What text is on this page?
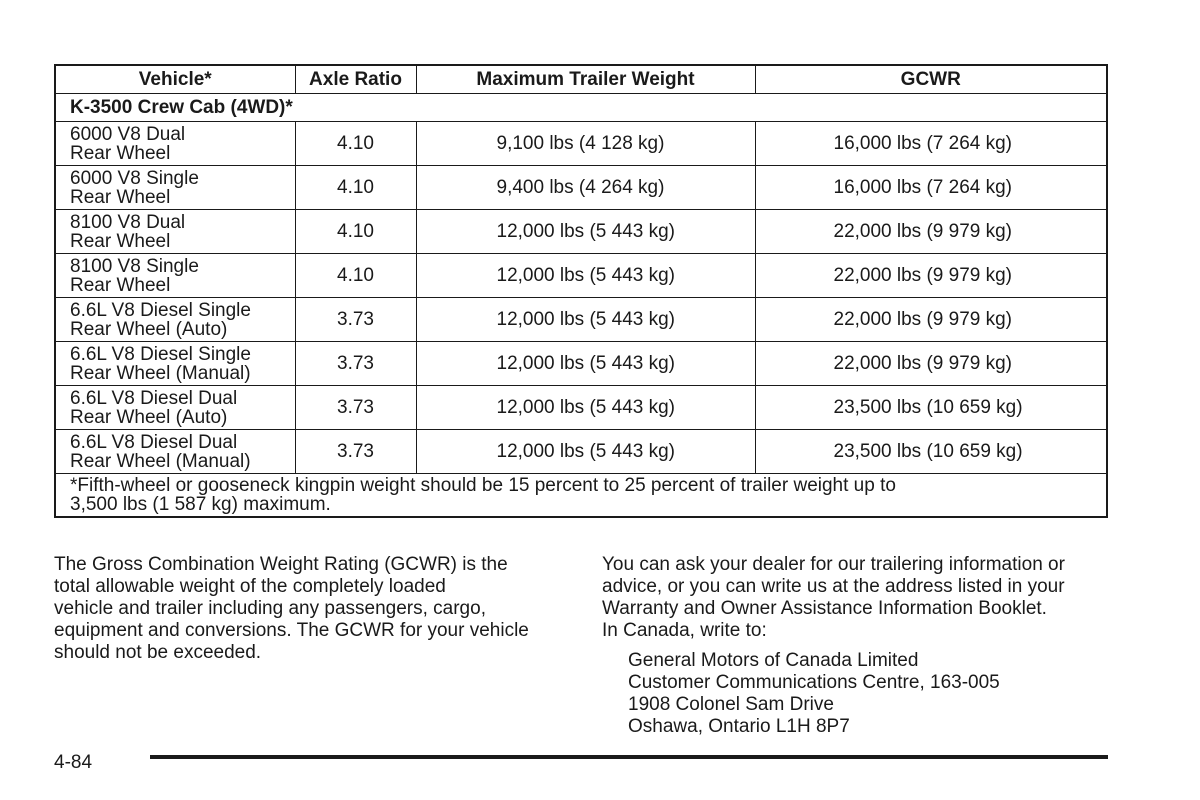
Vehicle*	Axle Ratio	Maximum Trailer Weight	GCWR
K-3500 Crew Cab (4WD)*			

6000 V8 Dual
Rear Wheel	4.10	9,100 lbs (4 128 kg)	16,000 lbs (7 264 kg)

6000 V8 Single
Rear Wheel	4.10	9,400 lbs (4 264 kg)	16,000 lbs (7 264 kg)

8100 V8 Dual
Rear Wheel	4.10	12,000 lbs (5 443 kg)	22,000 lbs (9 979 kg)

8100 V8 Single
Rear Wheel	4.10	12,000 lbs (5 443 kg)	22,000 lbs (9 979 kg)

6.6L V8 Diesel Single
Rear Wheel (Auto)	3.73	12,000 lbs (5 443 kg)	22,000 lbs (9 979 kg)

6.6L V8 Diesel Single
Rear Wheel (Manual)	3.73	12,000 lbs (5 443 kg)	22,000 lbs (9 979 kg)

6.6L V8 Diesel Dual
Rear Wheel (Auto)	3.73	12,000 lbs (5 443 kg)	23,500 lbs (10 659 kg)

6.6L V8 Diesel Dual
Rear Wheel (Manual)	3.73	12,000 lbs (5 443 kg)	23,500 lbs (10 659 kg)

*Fifth-wheel or gooseneck kingpin weight should be 15 percent to 25 percent of trailer weight up to
3,500 lbs (1 587 kg) maximum.			
The Gross Combination Weight Rating (GCWR) is the
total allowable weight of the completely loaded
vehicle and trailer including any passengers, cargo,
equipment and conversions. The GCWR for your vehicle
should not be exceeded.
You can ask your dealer for our trailering information or
advice, or you can write us at the address listed in your
Warranty and Owner Assistance Information Booklet.
In Canada, write to:
General Motors of Canada Limited
Customer Communications Centre, 163-005
1908 Colonel Sam Drive
Oshawa, Ontario L1H 8P7
4-84
